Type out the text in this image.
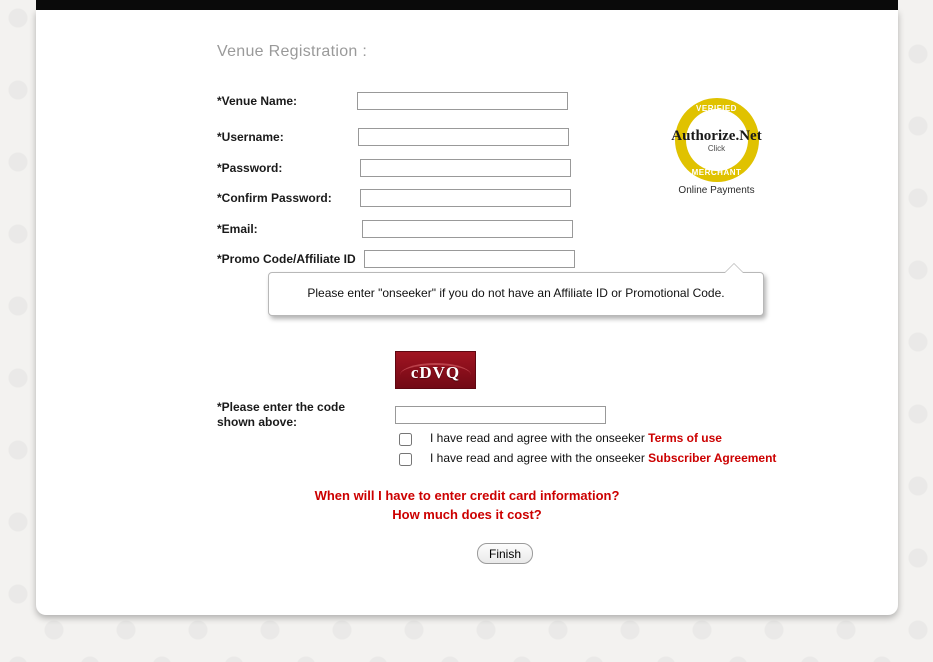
Venue Registration :
*Venue Name:
*Username:
*Password:
*Confirm Password:
*Email:
*Promo Code/Affiliate ID
VERIFIED
Click
MERCHANT
Authorize.Net
Online Payments
Please enter "onseeker" if you do not have an Affiliate ID or Promotional Code.
cDVQ
*Please enter the code shown above:
I have read and agree with the onseeker Terms of use
I have read and agree with the onseeker Subscriber Agreement
When will I have to enter credit card information?
How much does it cost?
Finish
